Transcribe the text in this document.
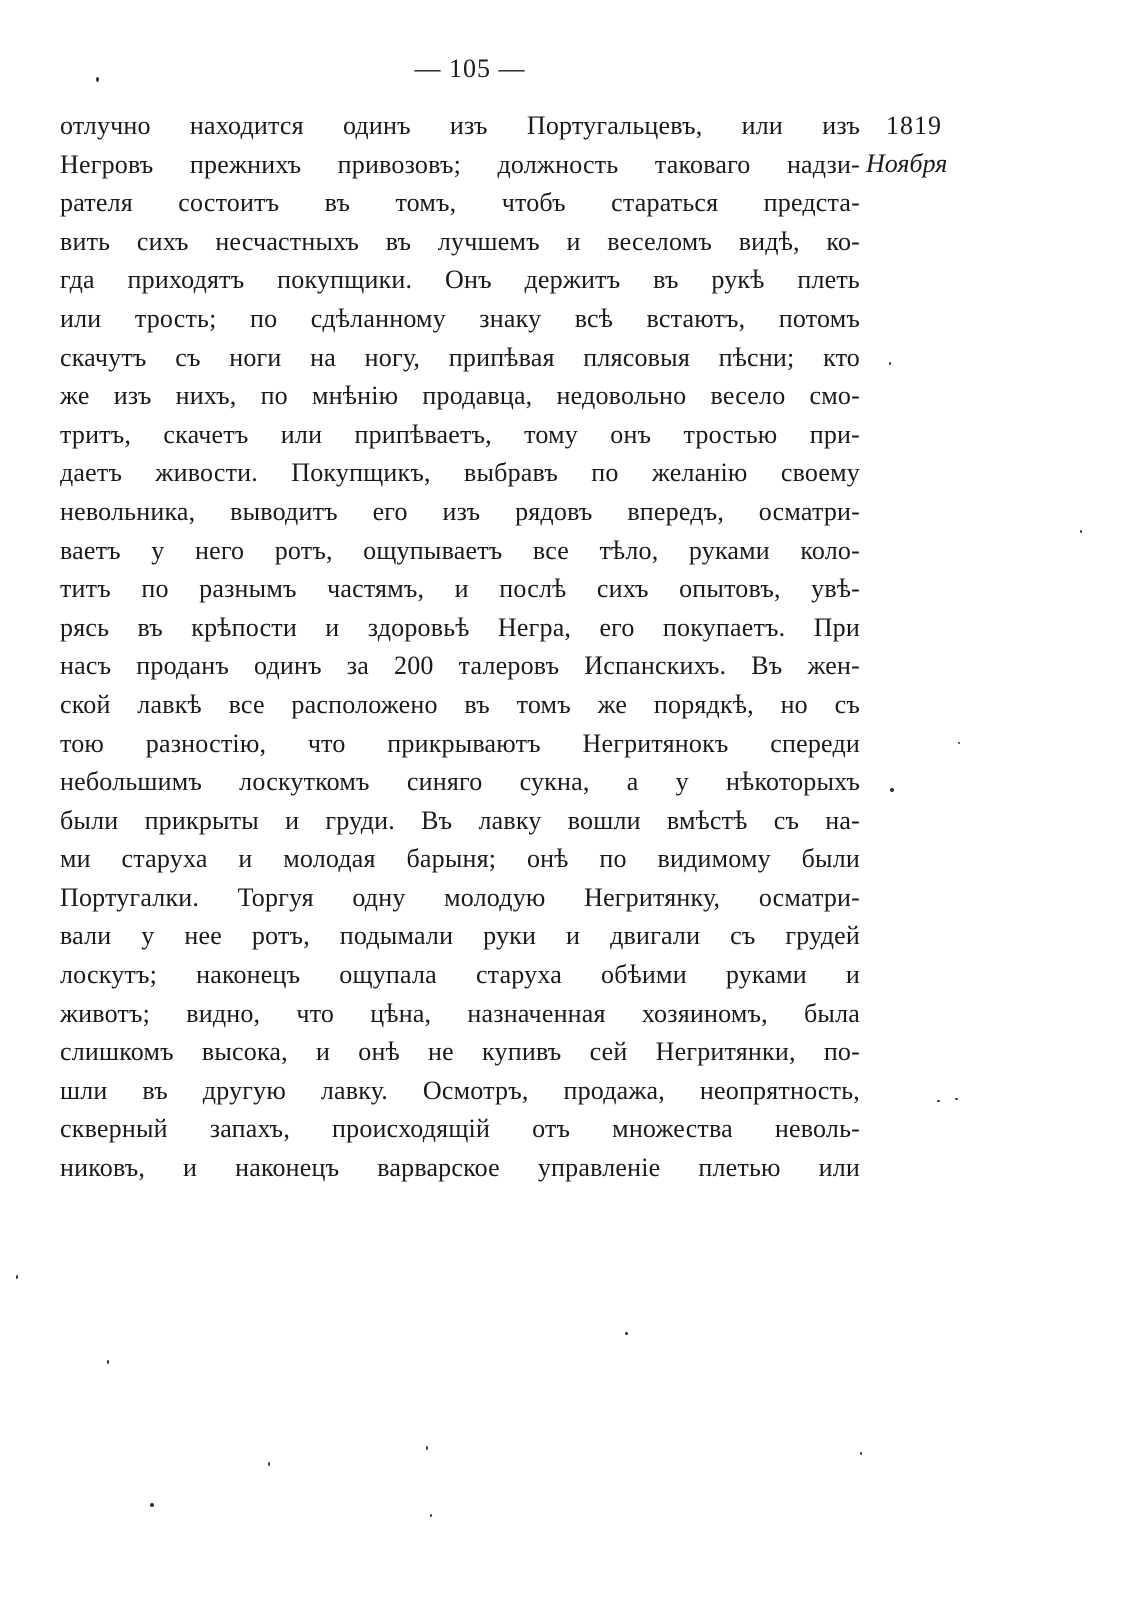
— 105 —
1819
Ноября
отлучно находится одинъ изъ Португальцевъ, или изъ
Негровъ прежнихъ привозовъ; должность таковаго надзи-
рателя состоитъ въ томъ, чтобъ стараться предста-
вить сихъ несчастныхъ въ лучшемъ и веселомъ видѣ, ко-
гда приходятъ покупщики. Онъ держитъ въ рукѣ плеть
или трость; по сдѣланному знаку всѣ встаютъ, потомъ
скачутъ съ ноги на ногу, припѣвая плясовыя пѣсни; кто
же изъ нихъ, по мнѣнію продавца, недовольно весело смо-
тритъ, скачетъ или припѣваетъ, тому онъ тростью при-
даетъ живости. Покупщикъ, выбравъ по желанію своему
невольника, выводитъ его изъ рядовъ впередъ, осматри-
ваетъ у него ротъ, ощупываетъ все тѣло, руками коло-
титъ по разнымъ частямъ, и послѣ сихъ опытовъ, увѣ-
рясь въ крѣпости и здоровьѣ Негра, его покупаетъ. При
насъ проданъ одинъ за 200 талеровъ Испанскихъ. Въ жен-
ской лавкѣ все расположено въ томъ же порядкѣ, но съ
тою разностію, что прикрываютъ Негритянокъ спереди
небольшимъ лоскуткомъ синяго сукна, а у нѣкоторыхъ
были прикрыты и груди. Въ лавку вошли вмѣстѣ съ на-
ми старуха и молодая барыня; онѣ по видимому были
Португалки. Торгуя одну молодую Негритянку, осматри-
вали у нее ротъ, подымали руки и двигали съ грудей
лоскутъ; наконецъ ощупала старуха обѣими руками и
животъ; видно, что цѣна, назначенная хозяиномъ, была
слишкомъ высока, и онѣ не купивъ сей Негритянки, по-
шли въ другую лавку. Осмотръ, продажа, неопрятность,
скверный запахъ, происходящій отъ множества неволь-
никовъ, и наконецъ варварское управленіе плетью или
